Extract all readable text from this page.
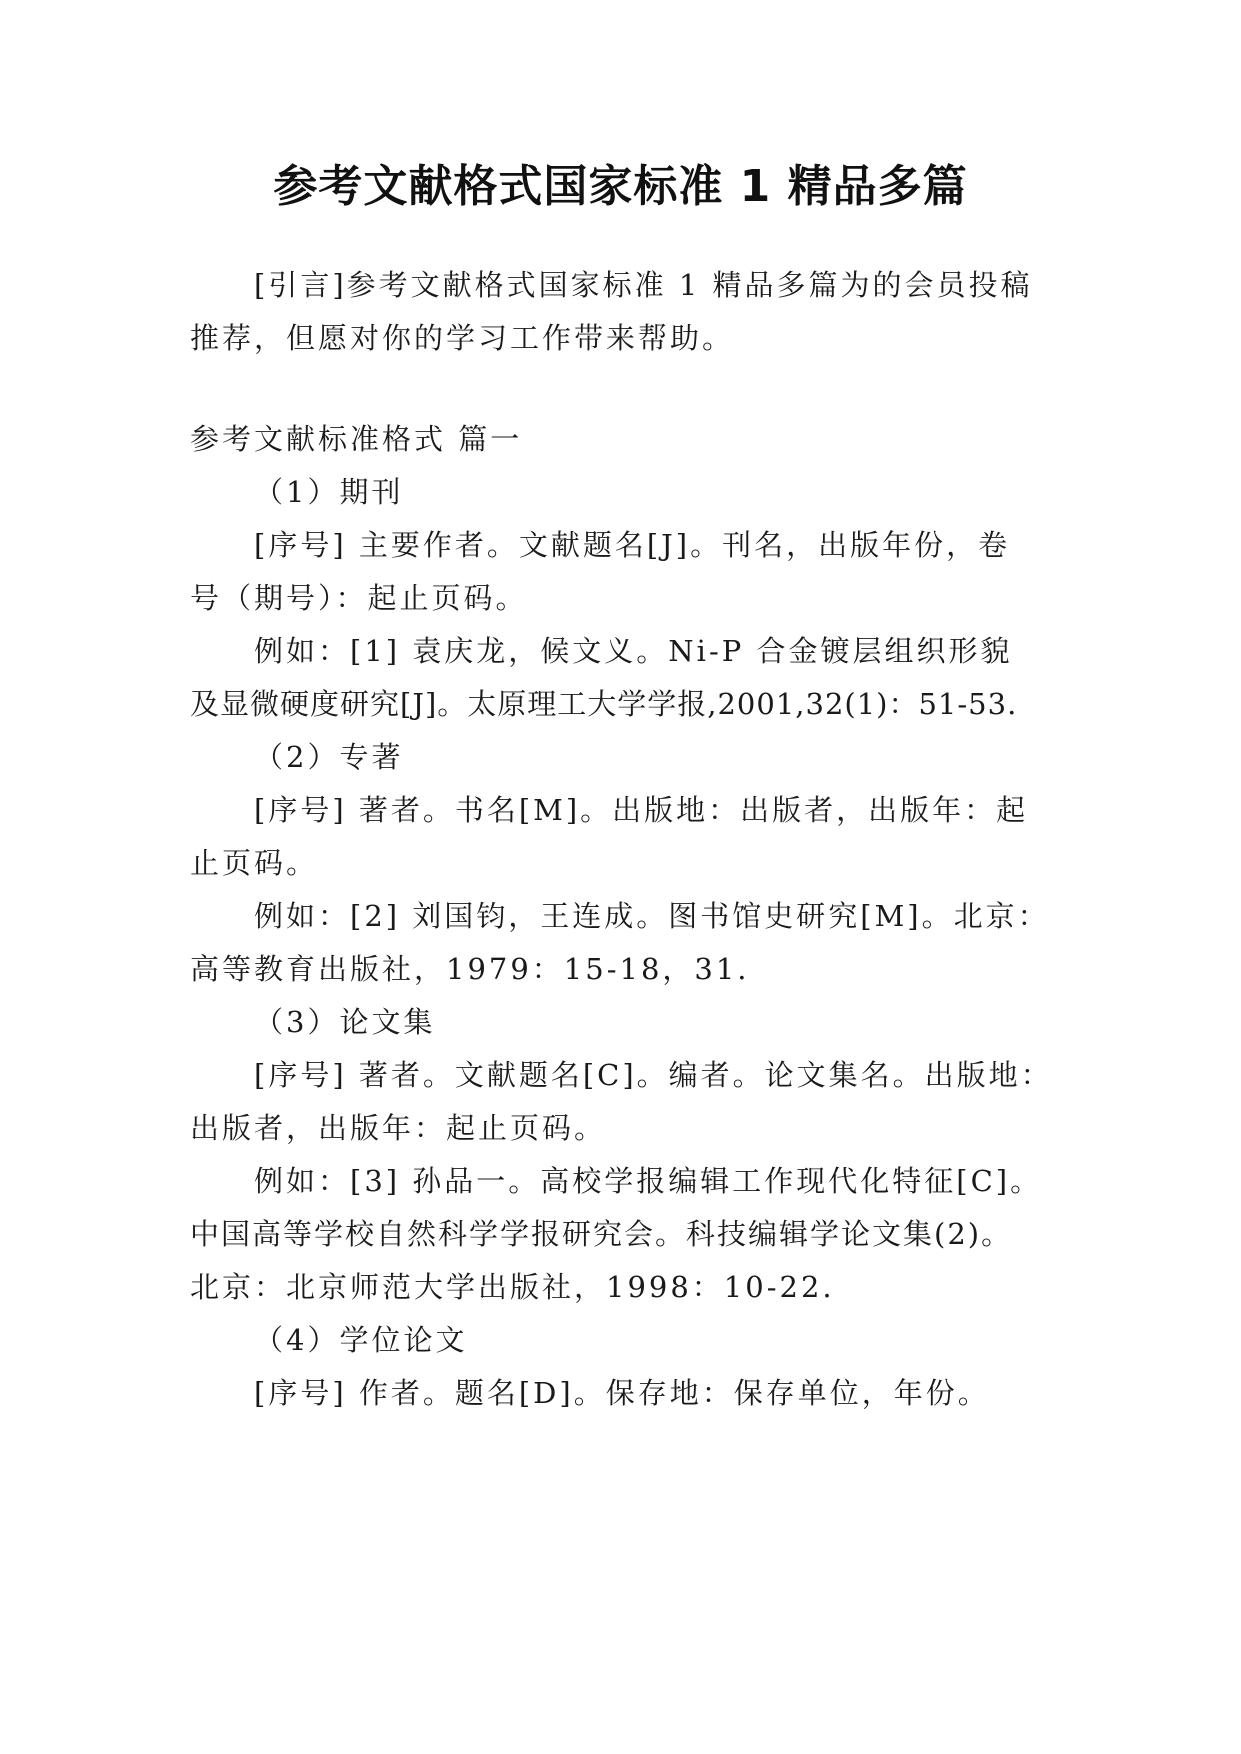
参考文献格式国家标准 1 精品多篇
[引言]参考文献格式国家标准 1 精品多篇为的会员投稿
推荐，但愿对你的学习工作带来帮助。
参考文献标准格式 篇一
（1）期刊
[序号] 主要作者。文献题名[J]。刊名，出版年份，卷
号（期号）：起止页码。
例如：[1] 袁庆龙，候文义。Ni-P 合金镀层组织形貌
及显微硬度研究[J]。太原理工大学学报,2001,32(1)：51-53.
（2）专著
[序号] 著者。书名[M]。出版地：出版者，出版年：起
止页码。
例如：[2] 刘国钧，王连成。图书馆史研究[M]。北京：
高等教育出版社，1979：15-18，31.
（3）论文集
[序号] 著者。文献题名[C]。编者。论文集名。出版地：
出版者，出版年：起止页码。
例如：[3] 孙品一。高校学报编辑工作现代化特征[C]。
中国高等学校自然科学学报研究会。科技编辑学论文集(2)。
北京：北京师范大学出版社，1998：10-22.
（4）学位论文
[序号] 作者。题名[D]。保存地：保存单位，年份。
